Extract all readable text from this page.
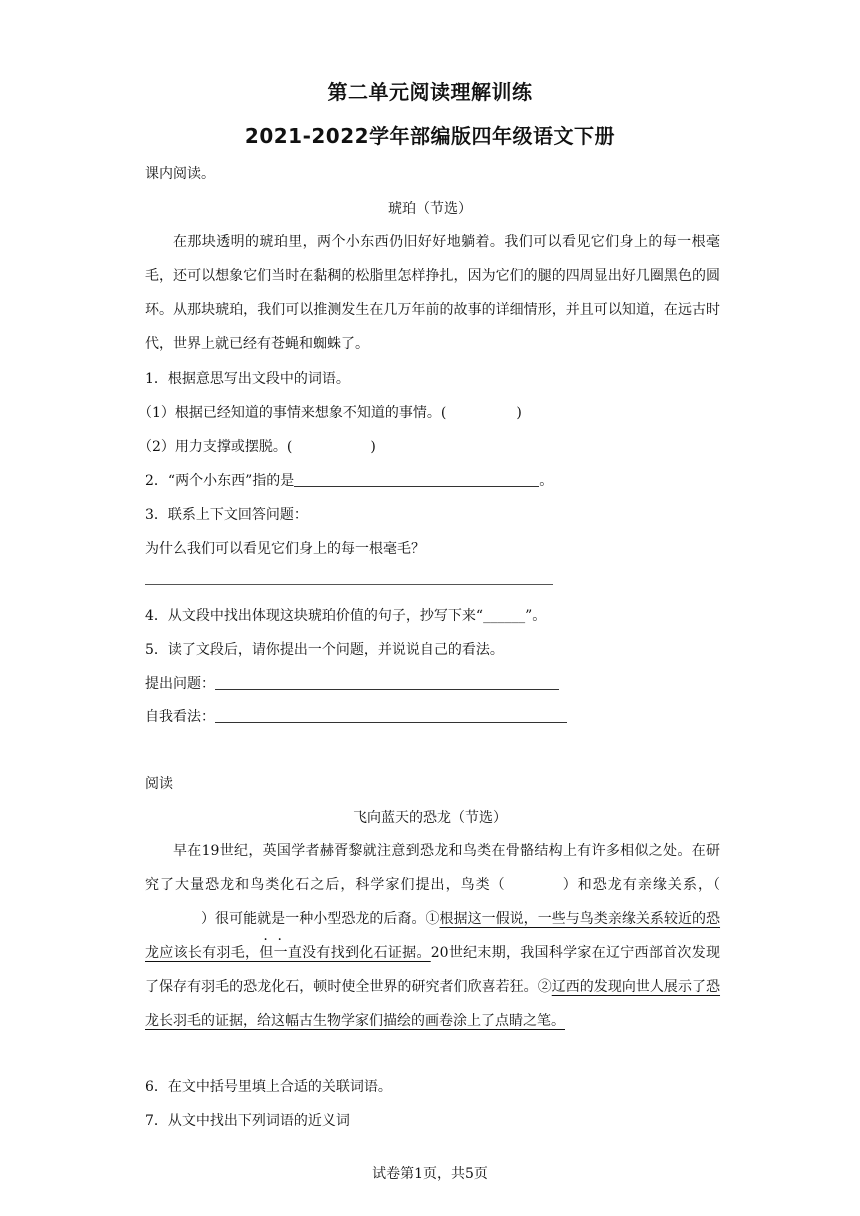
第二单元阅读理解训练
2021-2022学年部编版四年级语文下册
课内阅读。
琥珀（节选）
在那块透明的琥珀里，两个小东西仍旧好好地躺着。我们可以看见它们身上的每一根毫毛，还可以想象它们当时在黏稠的松脂里怎样挣扎，因为它们的腿的四周显出好几圈黑色的圆环。从那块琥珀，我们可以推测发生在几万年前的故事的详细情形，并且可以知道，在远古时代，世界上就已经有苍蝇和蜘蛛了。
1．根据意思写出文段中的词语。
（1）根据已经知道的事情来想象不知道的事情。(	)
（2）用力支撑或摆脱。(	)
2．“两个小东西”指的是	。
3．联系上下文回答问题：
为什么我们可以看见它们身上的每一根毫毛？
4．从文段中找出体现这块琥珀价值的句子，抄写下来“______”。
5．读了文段后，请你提出一个问题，并说说自己的看法。
提出问题：
自我看法：
阅读
飞向蓝天的恐龙（节选）
早在19世纪，英国学者赫胥黎就注意到恐龙和鸟类在骨骼结构上有许多相似之处。在研究了大量恐龙和鸟类化石之后，科学家们提出，鸟类（	）和恐龙有亲缘关系，（）很可 ·能 ·就是一种小型恐龙的后裔。①根据这一假说，一些与鸟类亲缘关系较近的恐龙应该长有羽毛，但一直没有找到化石证据。20世纪末期，我国科学家在辽宁西部首次发现了保存有羽毛的恐龙化石，顿时使全世界的研究者们欣喜若狂。②辽西的发现向世人展示了恐龙长羽毛的证据，给这幅古生物学家们描绘的画卷涂上了点睛之笔。
6．在文中括号里填上合适的关联词语。
7．从文中找出下列词语的近义词
试卷第1页，共5页
